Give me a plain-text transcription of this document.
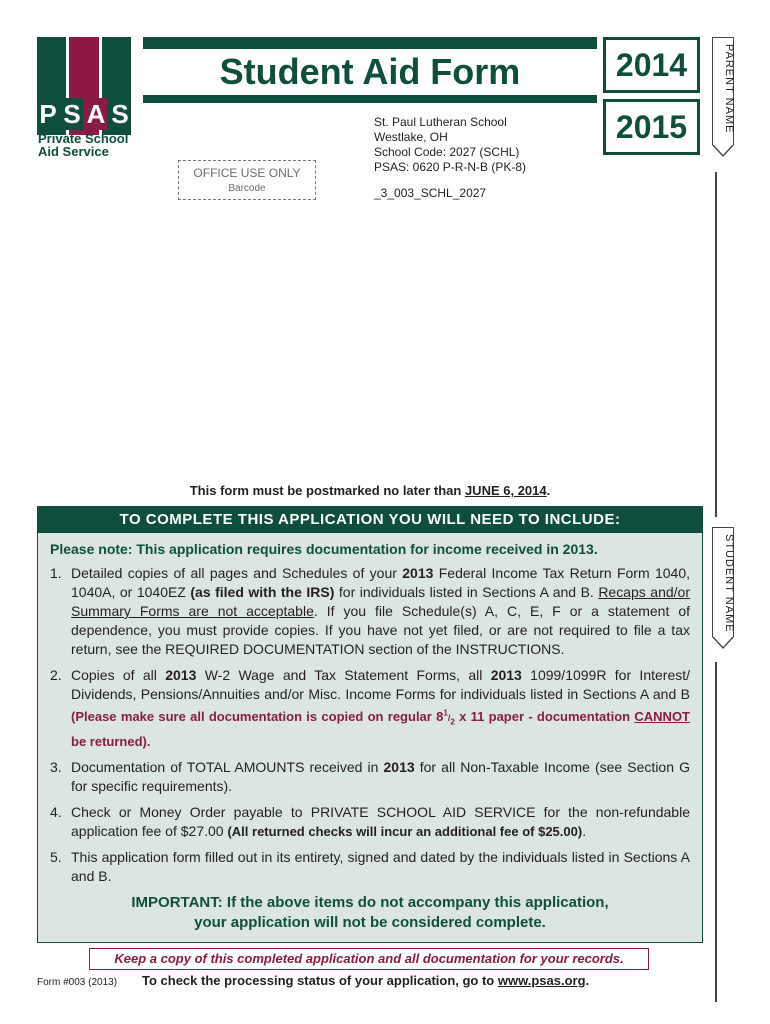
P S A S
Private School
Aid Service
Student Aid Form	2014
2015	PARENT NAME
STUDENT NAME
OFFICE USE ONLY
Barcode
St. Paul Lutheran School
Westlake, OH
School Code: 2027 (SCHL)
PSAS: 0620 P-R-N-B (PK-8)
_3_003_SCHL_2027
This form must be postmarked no later than JUNE 6, 2014.
TO COMPLETE THIS APPLICATION YOU WILL NEED TO INCLUDE:
Please note: This application requires documentation for income received in 2013.
1. Detailed copies of all pages and Schedules of your 2013 Federal Income Tax Return Form 1040, 1040A, or 1040EZ (as filed with the IRS) for individuals listed in Sections A and B. Recaps and/or Summary Forms are not acceptable. If you file Schedule(s) A, C, E, F or a statement of dependence, you must provide copies. If you have not yet filed, or are not required to file a tax return, see the REQUIRED DOCUMENTATION section of the INSTRUCTIONS.
2. Copies of all 2013 W-2 Wage and Tax Statement Forms, all 2013 1099/1099R for Interest/ Dividends, Pensions/Annuities and/or Misc. Income Forms for individuals listed in Sections A and B (Please make sure all documentation is copied on regular $8^1/_2$ x 11 paper - documentation CANNOT be returned).
3. Documentation of TOTAL AMOUNTS received in 2013 for all Non-Taxable Income (see Section G for specific requirements).
4. Check or Money Order payable to PRIVATE SCHOOL AID SERVICE for the non-refundable application fee of $27.00 (All returned checks will incur an additional fee of $25.00).
5. This application form filled out in its entirety, signed and dated by the individuals listed in Sections A and B.
IMPORTANT: If the above items do not accompany this application,
your application will not be considered complete.
Keep a copy of this completed application and all documentation for your records.
Form #003 (2013) To check the processing status of your application, go to www.psas.org.
